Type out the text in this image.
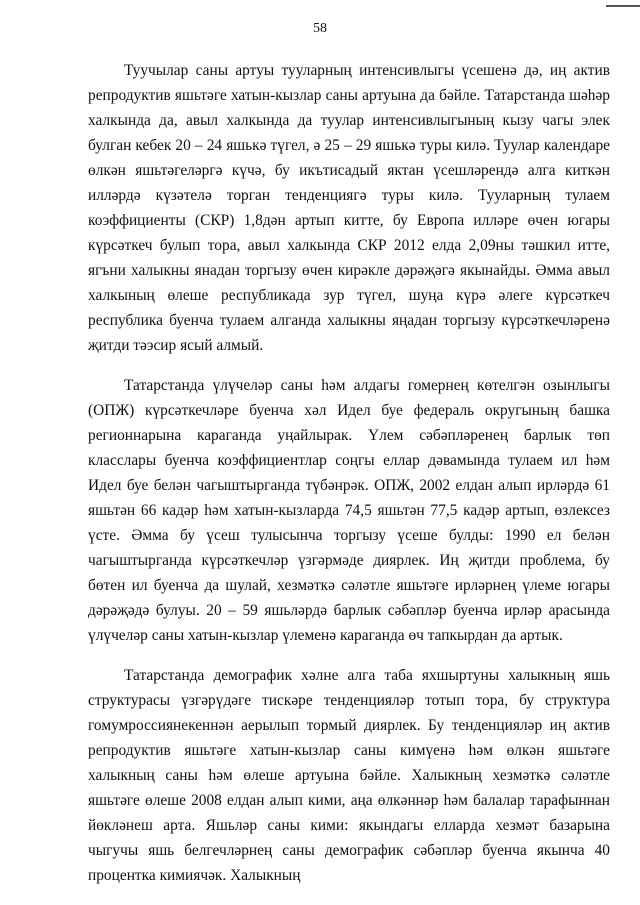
58

Туучылар саны артуы тууларның интенсивлыгы үсешенә дә, иң актив репродуктив яшьтәге хатын-кызлар саны артуына да бәйле. Татарстанда шәһәр халкында да, авыл халкында да туулар интенсивлыгының кызу чагы элек булган кебек 20 – 24 яшькә түгел, ә 25 – 29 яшькә туры килә. Туулар календаре өлкән яшьтәгеләргә күчә, бу икътисадый яктан үсешләрендә алга киткән илләрдә күзәтелә торган тенденциягә туры килә. Тууларның тулаем коэффициенты (СКР) 1,8дән артып китте, бу Европа илләре өчен югары күрсәткеч булып тора, авыл халкында СКР 2012 елда 2,09ны тәшкил итте, ягъни халыкны янадан торгызу өчен кирәкле дәрәҗәгә якынайды. Әмма авыл халкының өлеше республикада зур түгел, шуңа күрә әлеге күрсәткеч республика буенча тулаем алганда халыкны яңадан торгызу күрсәткечләренә җитди тәэсир ясый алмый.

Татарстанда үлүчеләр саны һәм алдагы гомернең көтелгән озынлыгы (ОПЖ) күрсәткечләре буенча хәл Идел буе федераль округының башка регионнарына караганда уңайлырак. Үлем сәбәпләренең барлык төп класслары буенча коэффициентлар соңгы еллар дәвамында тулаем ил һәм Идел буе белән чагыштырганда түбәнрәк. ОПЖ, 2002 елдан алып ирләрдә 61 яшьтән 66 кадәр һәм хатын-кызларда 74,5 яшьтән 77,5 кадәр артып, өзлексез үсте. Әмма бу үсеш тулысынча торгызу үсеше булды: 1990 ел белән чагыштырганда күрсәткечләр үзгәрмәде диярлек. Иң җитди проблема, бу бөтен ил буенча да шулай, хезмәткә сәләтле яшьтәге ирләрнең үлеме югары дәрәҗәдә булуы. 20 – 59 яшьләрдә барлык сәбәпләр буенча ирләр арасында үлүчеләр саны хатын-кызлар үлеменә караганда өч тапкырдан да артык.

Татарстанда демографик хәлне алга таба яхшыртуны халыкның яшь структурасы үзгәрүдәге тискәре тенденцияләр тотып тора, бу структура гомумроссиянекеннән аерылып тормый диярлек. Бу тенденцияләр иң актив репродуктив яшьтәге хатын-кызлар саны кимүенә һәм өлкән яшьтәге халыкның саны һәм өлеше артуына бәйле. Халыкның хезмәткә сәләтле яшьтәге өлеше 2008 елдан алып кими, аңа өлкәннәр һәм балалар тарафыннан йөкләнеш арта. Яшьләр саны кими: якындагы елларда хезмәт базарына чыгучы яшь белгечләрнең саны демографик сәбәпләр буенча якынча 40 процентка кимиячәк. Халыкның
